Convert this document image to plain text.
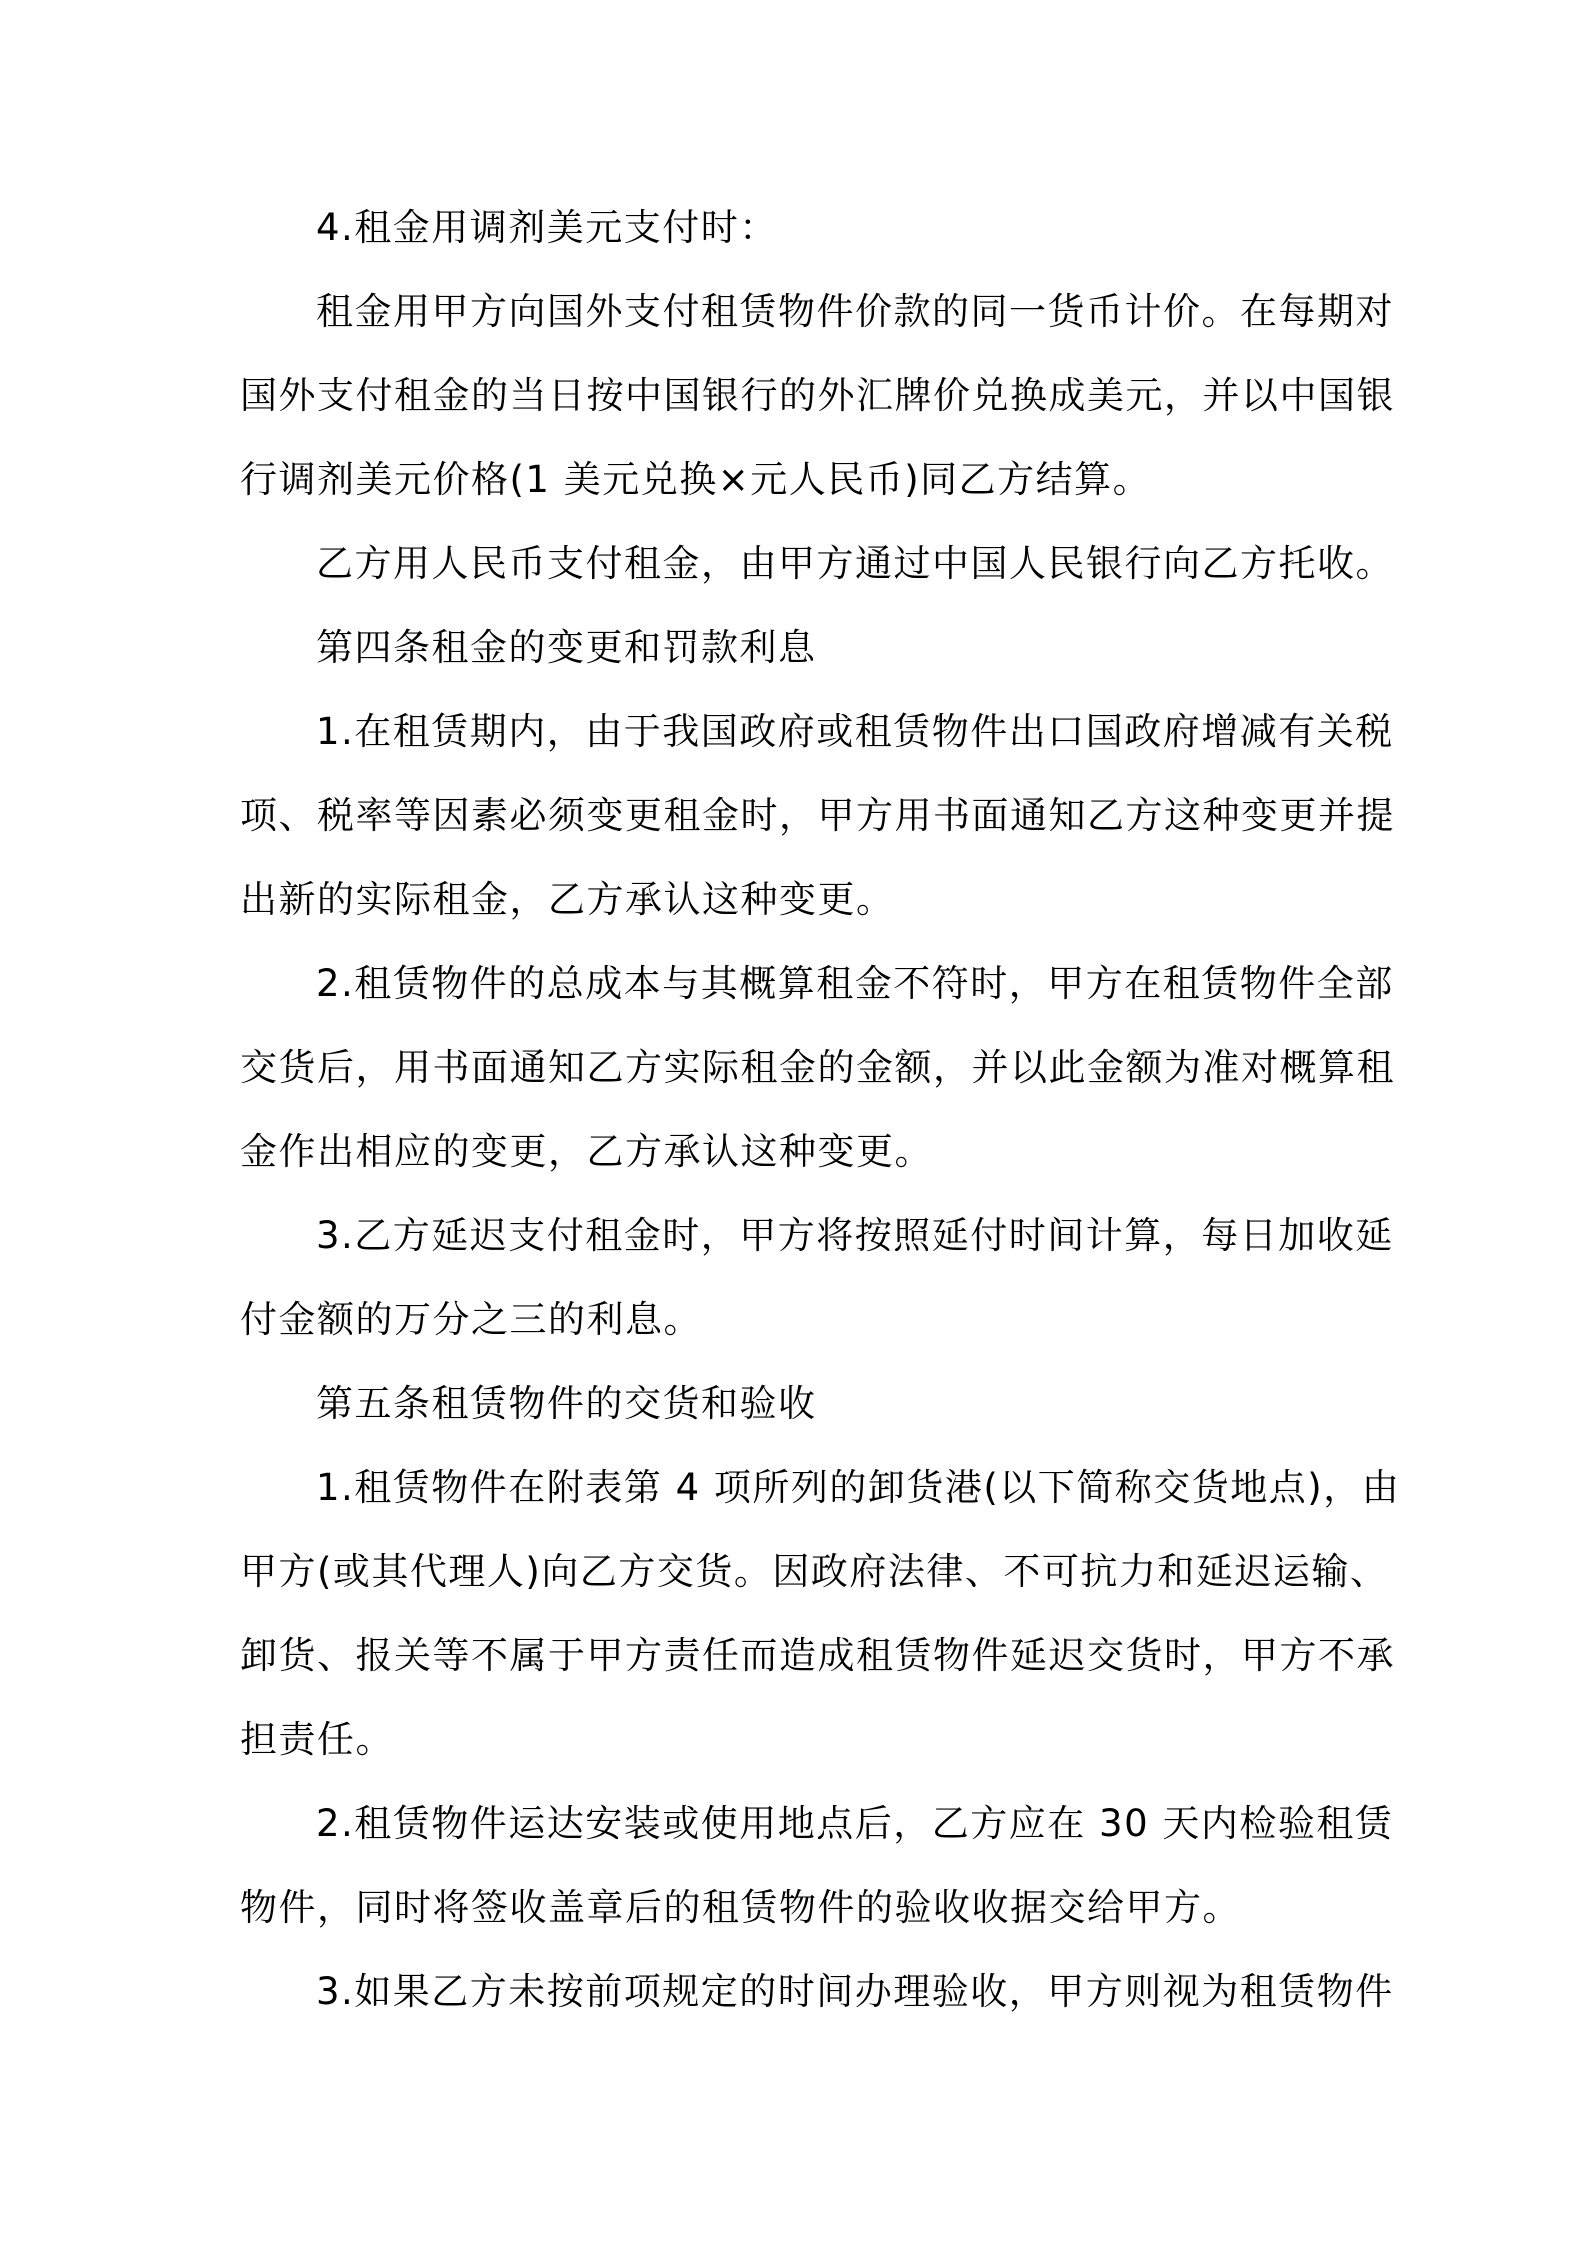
4.租金用调剂美元支付时：
租金用甲方向国外支付租赁物件价款的同一货币计价。在每期对
国外支付租金的当日按中国银行的外汇牌价兑换成美元，并以中国银
行调剂美元价格(1 美元兑换×元人民币)同乙方结算。
乙方用人民币支付租金，由甲方通过中国人民银行向乙方托收。
第四条租金的变更和罚款利息
1.在租赁期内，由于我国政府或租赁物件出口国政府增减有关税
项、税率等因素必须变更租金时，甲方用书面通知乙方这种变更并提
出新的实际租金，乙方承认这种变更。
2.租赁物件的总成本与其概算租金不符时，甲方在租赁物件全部
交货后，用书面通知乙方实际租金的金额，并以此金额为准对概算租
金作出相应的变更，乙方承认这种变更。
3.乙方延迟支付租金时，甲方将按照延付时间计算，每日加收延
付金额的万分之三的利息。
第五条租赁物件的交货和验收
1.租赁物件在附表第 4 项所列的卸货港(以下简称交货地点)，由
甲方(或其代理人)向乙方交货。因政府法律、不可抗力和延迟运输、
卸货、报关等不属于甲方责任而造成租赁物件延迟交货时，甲方不承
担责任。
2.租赁物件运达安装或使用地点后，乙方应在 30 天内检验租赁
物件，同时将签收盖章后的租赁物件的验收收据交给甲方。
3.如果乙方未按前项规定的时间办理验收，甲方则视为租赁物件
